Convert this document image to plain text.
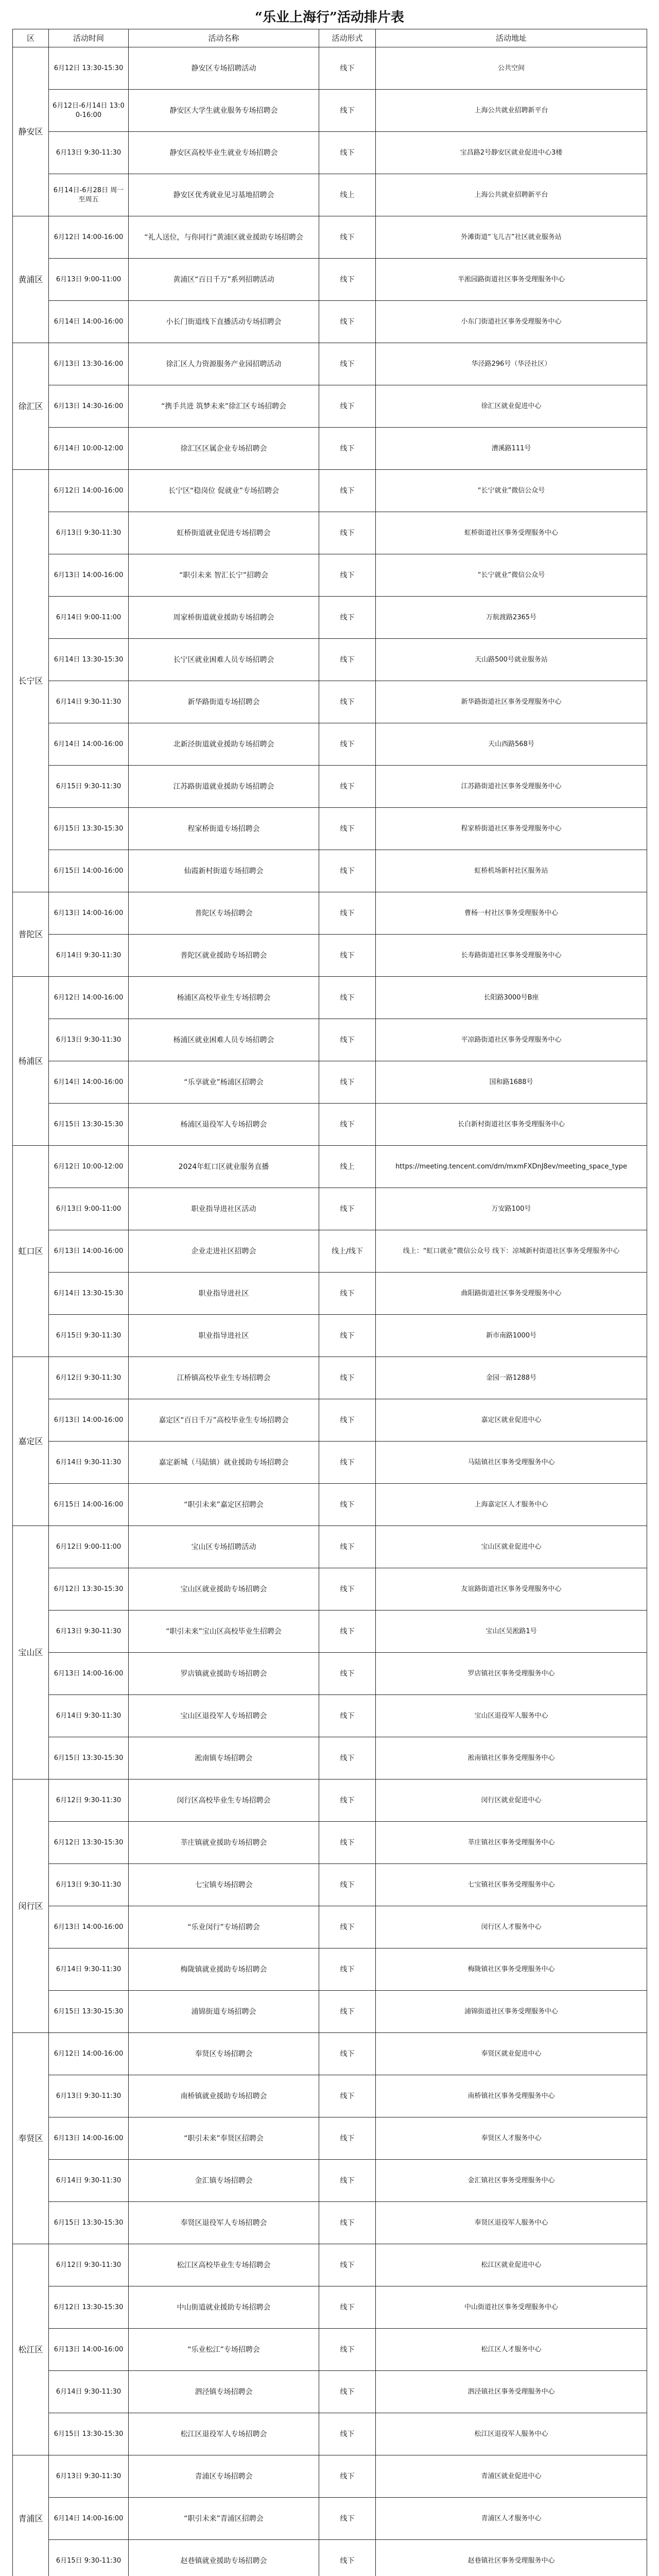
“乐业上海行”活动排片表
区	活动时间	活动名称	活动形式	活动地址
静安区	6月12日 13:30-15:30	静安区专场招聘活动	线下	公共空间
	6月12日-6月14日 13:00-16:00	静安区大学生就业服务专场招聘会	线下	上海公共就业招聘新平台
	6月13日 9:30-11:30	静安区高校毕业生就业专场招聘会	线下	宝昌路2号静安区就业促进中心3楼
	6月14日-6月28日 周一至周五	静安区优秀就业见习基地招聘会	线上	上海公共就业招聘新平台
黄浦区	6月12日 14:00-16:00	“礼人送位，与你同行”黄浦区就业援助专场招聘会	线下	外滩街道“飞儿吉”社区就业服务站
	6月13日 9:00-11:00	黄浦区“百日千万”系列招聘活动	线下	半淞园路街道社区事务受理服务中心
	6月14日 14:00-16:00	小长门街道线下直播活动专场招聘会	线下	小东门街道社区事务受理服务中心
徐汇区	6月13日 13:30-16:00	徐汇区人力资源服务产业园招聘活动	线下	华泾路296号（华泾社区）
	6月13日 14:30-16:00	“携手共进 筑梦未来”徐汇区专场招聘会	线下	徐汇区就业促进中心
	6月14日 10:00-12:00	徐汇区区属企业专场招聘会	线下	漕溪路111号
长宁区	6月12日 14:00-16:00	长宁区“稳岗位 促就业”专场招聘会	线下	“长宁就业”微信公众号
	6月13日 9:30-11:30	虹桥街道就业促进专场招聘会	线下	虹桥街道社区事务受理服务中心
	6月13日 14:00-16:00	“职引未来 智汇长宁”招聘会	线下	“长宁就业”微信公众号
	6月14日 9:00-11:00	周家桥街道就业援助专场招聘会	线下	万航渡路2365号
	6月14日 13:30-15:30	长宁区就业困难人员专场招聘会	线下	天山路500号就业服务站
	6月14日 9:30-11:30	新华路街道专场招聘会	线下	新华路街道社区事务受理服务中心
	6月14日 14:00-16:00	北新泾街道就业援助专场招聘会	线下	天山西路568号
	6月15日 9:30-11:30	江苏路街道就业援助专场招聘会	线下	江苏路街道社区事务受理服务中心
	6月15日 13:30-15:30	程家桥街道专场招聘会	线下	程家桥街道社区事务受理服务中心
	6月15日 14:00-16:00	仙霞新村街道专场招聘会	线下	虹桥机场新村社区服务站
普陀区	6月13日 14:00-16:00	普陀区专场招聘会	线下	曹杨一村社区事务受理服务中心
	6月14日 9:30-11:30	普陀区就业援助专场招聘会	线下	长寿路街道社区事务受理服务中心
杨浦区	6月12日 14:00-16:00	杨浦区高校毕业生专场招聘会	线下	长阳路3000号B座
	6月13日 9:30-11:30	杨浦区就业困难人员专场招聘会	线下	平凉路街道社区事务受理服务中心
	6月14日 14:00-16:00	“乐享就业”杨浦区招聘会	线下	国和路1688号
	6月15日 13:30-15:30	杨浦区退役军人专场招聘会	线下	长白新村街道社区事务受理服务中心
虹口区	6月12日 10:00-12:00	2024年虹口区就业服务直播	线上	https://meeting.tencent.com/dm/mxmFXDnJ8ev/meeting_space_type
	6月13日 9:00-11:00	职业指导进社区活动	线下	万安路100号
	6月13日 14:00-16:00	企业走进社区招聘会	线上/线下	线上：“虹口就业”微信公众号 线下：凉城新村街道社区事务受理服务中心
	6月14日 13:30-15:30	职业指导进社区	线下	曲阳路街道社区事务受理服务中心
	6月15日 9:30-11:30	职业指导进社区	线下	新市南路1000号
嘉定区	6月12日 9:30-11:30	江桥镇高校毕业生专场招聘会	线下	金园一路1288号
	6月13日 14:00-16:00	嘉定区“百日千万”高校毕业生专场招聘会	线下	嘉定区就业促进中心
	6月14日 9:30-11:30	嘉定新城（马陆镇）就业援助专场招聘会	线下	马陆镇社区事务受理服务中心
	6月15日 14:00-16:00	“职引未来”嘉定区招聘会	线下	上海嘉定区人才服务中心
宝山区	6月12日 9:00-11:00	宝山区专场招聘活动	线下	宝山区就业促进中心
	6月12日 13:30-15:30	宝山区就业援助专场招聘会	线下	友谊路街道社区事务受理服务中心
	6月13日 9:30-11:30	“职引未来”宝山区高校毕业生招聘会	线下	宝山区吴淞路1号
	6月13日 14:00-16:00	罗店镇就业援助专场招聘会	线下	罗店镇社区事务受理服务中心
	6月14日 9:30-11:30	宝山区退役军人专场招聘会	线下	宝山区退役军人服务中心
	6月15日 13:30-15:30	淞南镇专场招聘会	线下	淞南镇社区事务受理服务中心
闵行区	6月12日 9:30-11:30	闵行区高校毕业生专场招聘会	线下	闵行区就业促进中心
	6月12日 13:30-15:30	莘庄镇就业援助专场招聘会	线下	莘庄镇社区事务受理服务中心
	6月13日 9:30-11:30	七宝镇专场招聘会	线下	七宝镇社区事务受理服务中心
	6月13日 14:00-16:00	“乐业闵行”专场招聘会	线下	闵行区人才服务中心
	6月14日 9:30-11:30	梅陇镇就业援助专场招聘会	线下	梅陇镇社区事务受理服务中心
	6月15日 13:30-15:30	浦锦街道专场招聘会	线下	浦锦街道社区事务受理服务中心
奉贤区	6月12日 14:00-16:00	奉贤区专场招聘会	线下	奉贤区就业促进中心
	6月13日 9:30-11:30	南桥镇就业援助专场招聘会	线下	南桥镇社区事务受理服务中心
	6月13日 14:00-16:00	“职引未来”奉贤区招聘会	线下	奉贤区人才服务中心
	6月14日 9:30-11:30	金汇镇专场招聘会	线下	金汇镇社区事务受理服务中心
	6月15日 13:30-15:30	奉贤区退役军人专场招聘会	线下	奉贤区退役军人服务中心
松江区	6月12日 9:30-11:30	松江区高校毕业生专场招聘会	线下	松江区就业促进中心
	6月12日 13:30-15:30	中山街道就业援助专场招聘会	线下	中山街道社区事务受理服务中心
	6月13日 14:00-16:00	“乐业松江”专场招聘会	线下	松江区人才服务中心
	6月14日 9:30-11:30	泗泾镇专场招聘会	线下	泗泾镇社区事务受理服务中心
	6月15日 13:30-15:30	松江区退役军人专场招聘会	线下	松江区退役军人服务中心
青浦区	6月13日 9:30-11:30	青浦区专场招聘会	线下	青浦区就业促进中心
	6月14日 14:00-16:00	“职引未来”青浦区招聘会	线下	青浦区人才服务中心
	6月15日 9:30-11:30	赵巷镇就业援助专场招聘会	线下	赵巷镇社区事务受理服务中心
